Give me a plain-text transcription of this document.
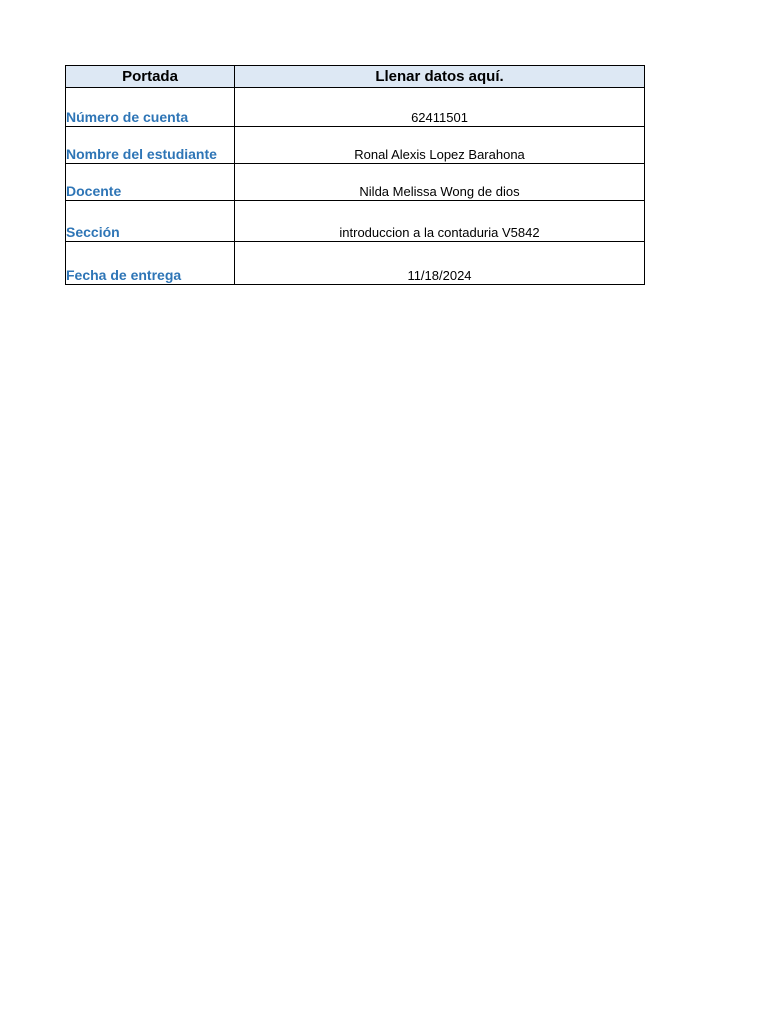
Portada	Llenar datos aquí.
Número de cuenta	62411501
Nombre del estudiante	Ronal Alexis Lopez Barahona
Docente	Nilda Melissa Wong de dios
Sección	introduccion a la contaduria V5842
Fecha de entrega	11/18/2024
